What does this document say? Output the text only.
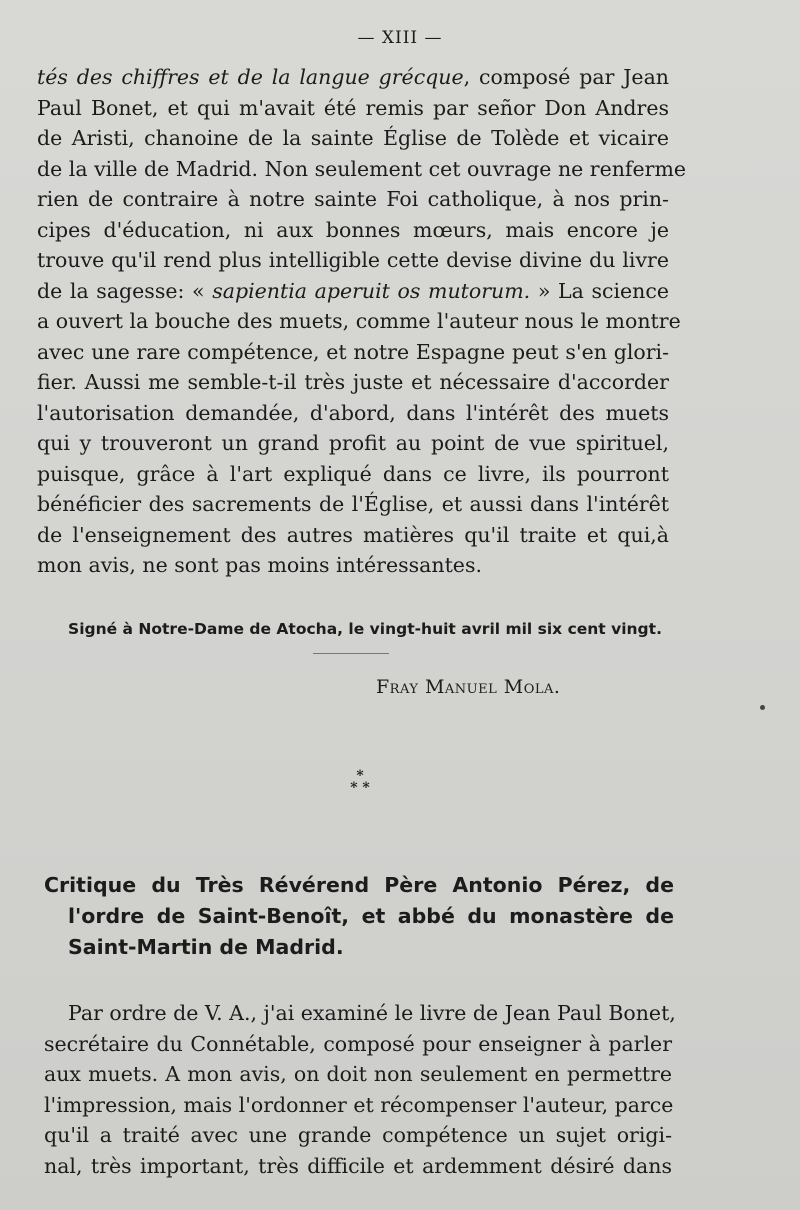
— XIII —
tés des chiffres et de la langue grécque, composé par Jean
Paul Bonet, et qui m'avait été remis par señor Don Andres
de Aristi, chanoine de la sainte Église de Tolède et vicaire
de la ville de Madrid. Non seulement cet ouvrage ne renferme
rien de contraire à notre sainte Foi catholique, à nos prin-
cipes d'éducation, ni aux bonnes mœurs, mais encore je
trouve qu'il rend plus intelligible cette devise divine du livre
de la sagesse: « sapientia aperuit os mutorum. » La science
a ouvert la bouche des muets, comme l'auteur nous le montre
avec une rare compétence, et notre Espagne peut s'en glori-
fier. Aussi me semble-t-il très juste et nécessaire d'accorder
l'autorisation demandée, d'abord, dans l'intérêt des muets
qui y trouveront un grand profit au point de vue spirituel,
puisque, grâce à l'art expliqué dans ce livre, ils pourront
bénéficier des sacrements de l'Église, et aussi dans l'intérêt
de l'enseignement des autres matières qu'il traite et qui,à
mon avis, ne sont pas moins intéressantes.
Signé à Notre-Dame de Atocha, le vingt-huit avril mil six cent vingt.
Fray Manuel Mola.
*
* *
Critique du Très Révérend Père Antonio Pérez, de
l'ordre de Saint-Benoît, et abbé du monastère de
Saint-Martin de Madrid.
Par ordre de V. A., j'ai examiné le livre de Jean Paul Bonet,
secrétaire du Connétable, composé pour enseigner à parler
aux muets. A mon avis, on doit non seulement en permettre
l'impression, mais l'ordonner et récompenser l'auteur, parce
qu'il a traité avec une grande compétence un sujet origi-
nal, très important, très difficile et ardemment désiré dans
